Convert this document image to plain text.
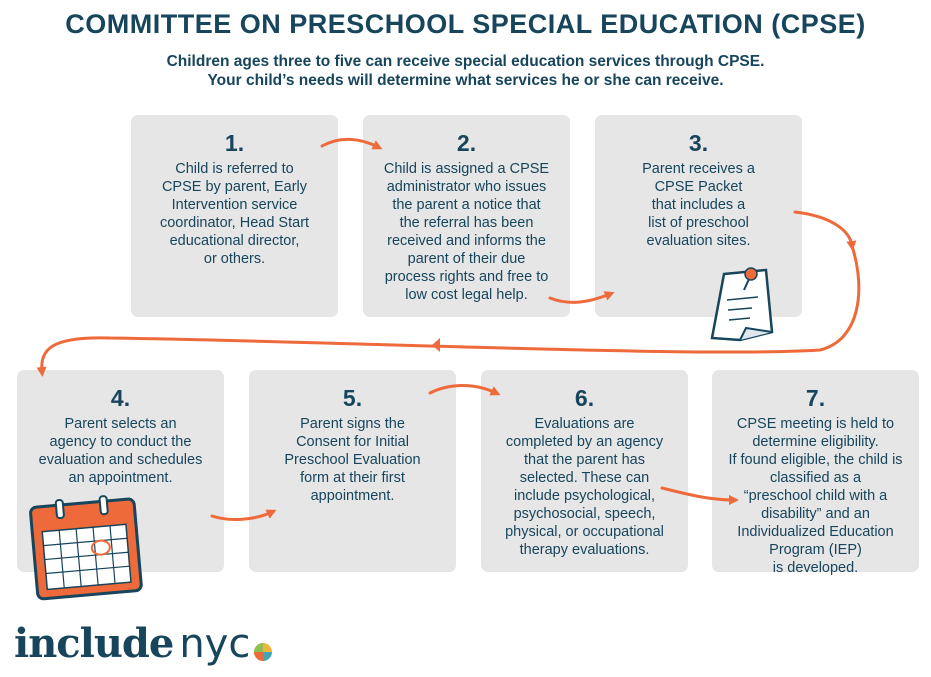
COMMITTEE ON PRESCHOOL SPECIAL EDUCATION (CPSE)
Children ages three to five can receive special education services through CPSE.
Your child’s needs will determine what services he or she can receive.
1.
Child is referred to
CPSE by parent, Early
Intervention service
coordinator, Head Start
educational director,
or others.
2.
Child is assigned a CPSE
administrator who issues
the parent a notice that
the referral has been
received and informs the
parent of their due
process rights and free to
low cost legal help.
3.
Parent receives a
CPSE Packet
that includes a
list of preschool
evaluation sites.
4.
Parent selects an
agency to conduct the
evaluation and schedules
an appointment.
5.
Parent signs the
Consent for Initial
Preschool Evaluation
form at their first
appointment.
6.
Evaluations are
completed by an agency
that the parent has
selected. These can
include psychological,
psychosocial, speech,
physical, or occupational
therapy evaluations.
7.
CPSE meeting is held to
determine eligibility.
If found eligible, the child is
classified as a
“preschool child with a
disability” and an
Individualized Education
Program (IEP)
is developed.
include nyc
